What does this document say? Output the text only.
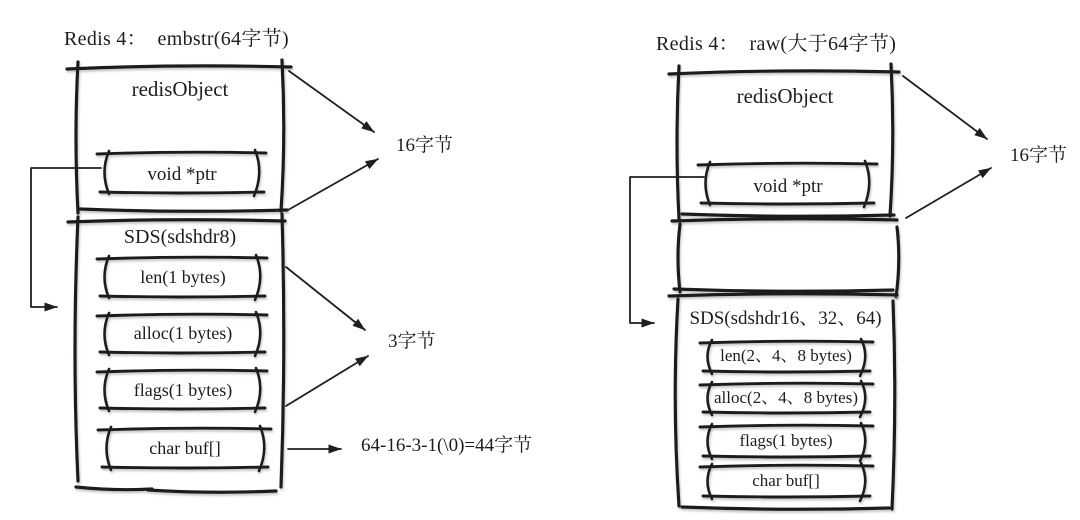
Redis 4：  embstr(64字节)
redisObject
void *ptr
SDS(sdshdr8)
len(1 bytes)
alloc(1 bytes)
flags(1 bytes)
char buf[]
16字节
3字节
64-16-3-1(\0)=44字节
Redis 4：  raw(大于64字节)
redisObject
void *ptr
SDS(sdshdr16、32、64)
len(2、4、8 bytes)
alloc(2、4、8 bytes)
flags(1 bytes)
char buf[]
16字节
